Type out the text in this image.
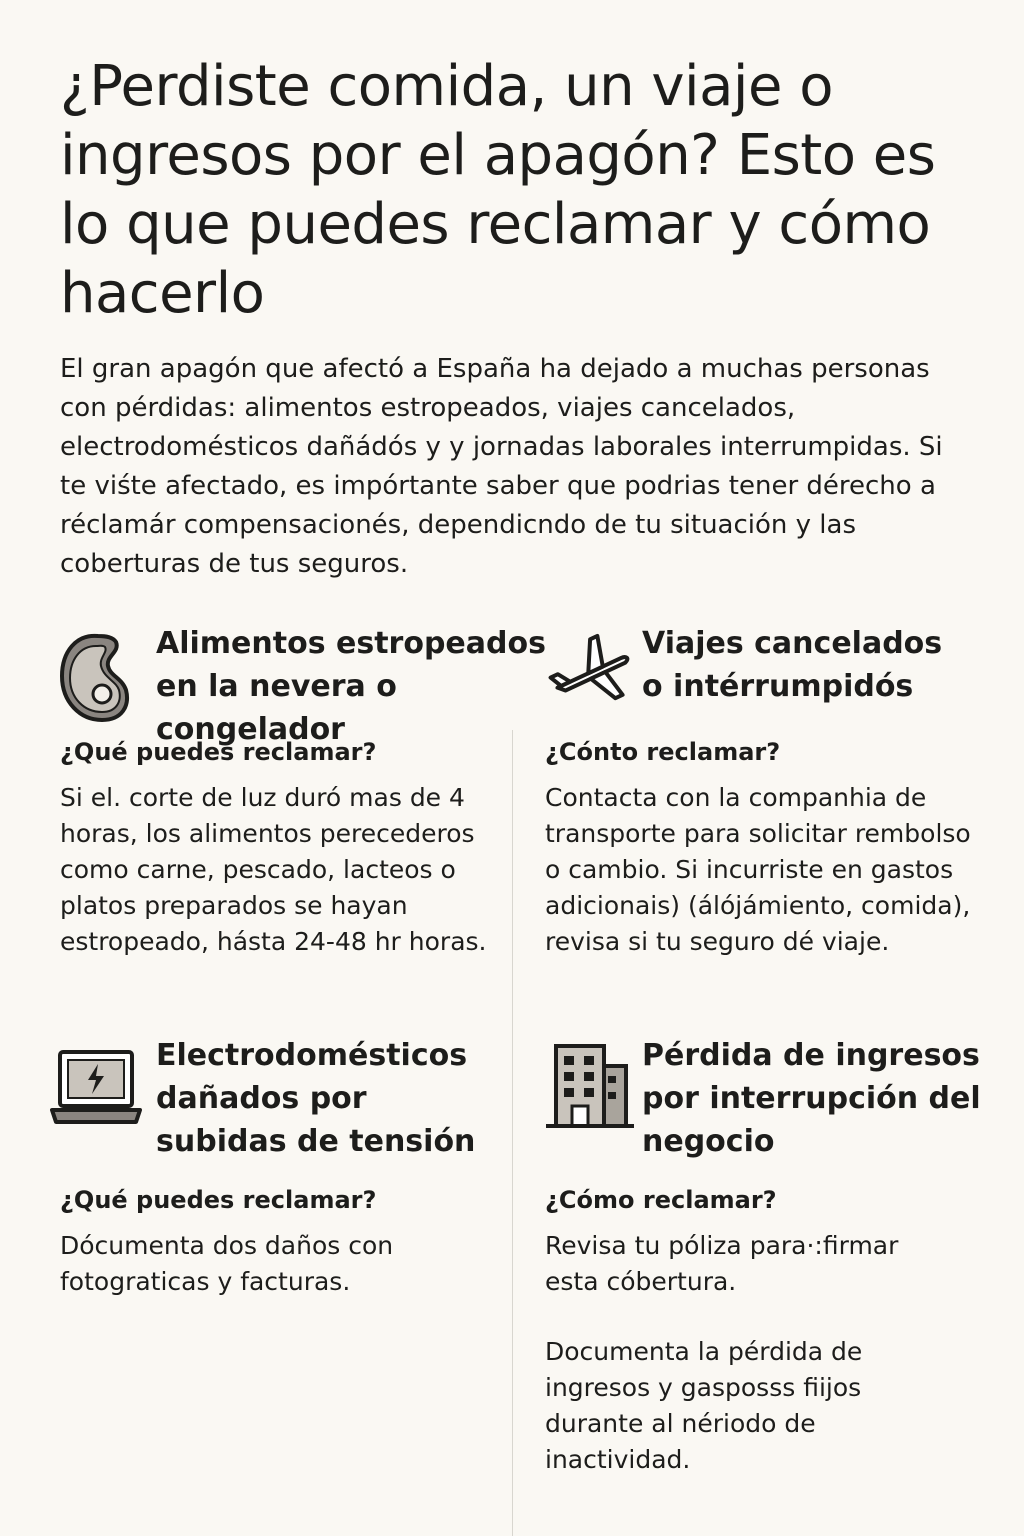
¿Perdiste comida, un viaje o ingresos por el apagón? Esto es lo que puedes reclamar y cómo hacerlo

El gran apagón que afectó a España ha dejado a muchas personas con pérdidas: alimentos estropeados, viajes cancelados, electrodomésticos dañádós y y jornadas laborales interrumpidas. Si te viśte afectado, es impórtante saber que podrias tener dérecho a réclamár compensacionés, dependicnd​o de tu situación y las coberturas de tus seguros.

Alimentos estropeados en la nevera o congelador
¿Qué puedes reclamar?

Si el. corte de luz duró mas de 4 horas, los alimentos perecederos como carne, pescado, lacteos o platos preparados se hayan estropeado, hásta 24-48 hr horas.

Viajes cancelados o intérrumpidós
¿Cónto reclamar?

Contacta con la companhia de transporte para solicitar rembolso o cambio. Si incurriste en gastos adicionais) (álójámiento, comida), revisa si tu seguro dé viaje.

Electrodomésticos dañados por subidas de tensión
¿Qué puedes reclamar?

Dócumenta dos daños con fotograticas y facturas.

Pérdida de ingresos por interrupción del negocio
¿Cómo reclamar?

Revisa tu póliza para·:firmar esta cóbertura.

Documenta la pérdida de ingresos y gasposss fiijos durante al nériodo de inactividad.
